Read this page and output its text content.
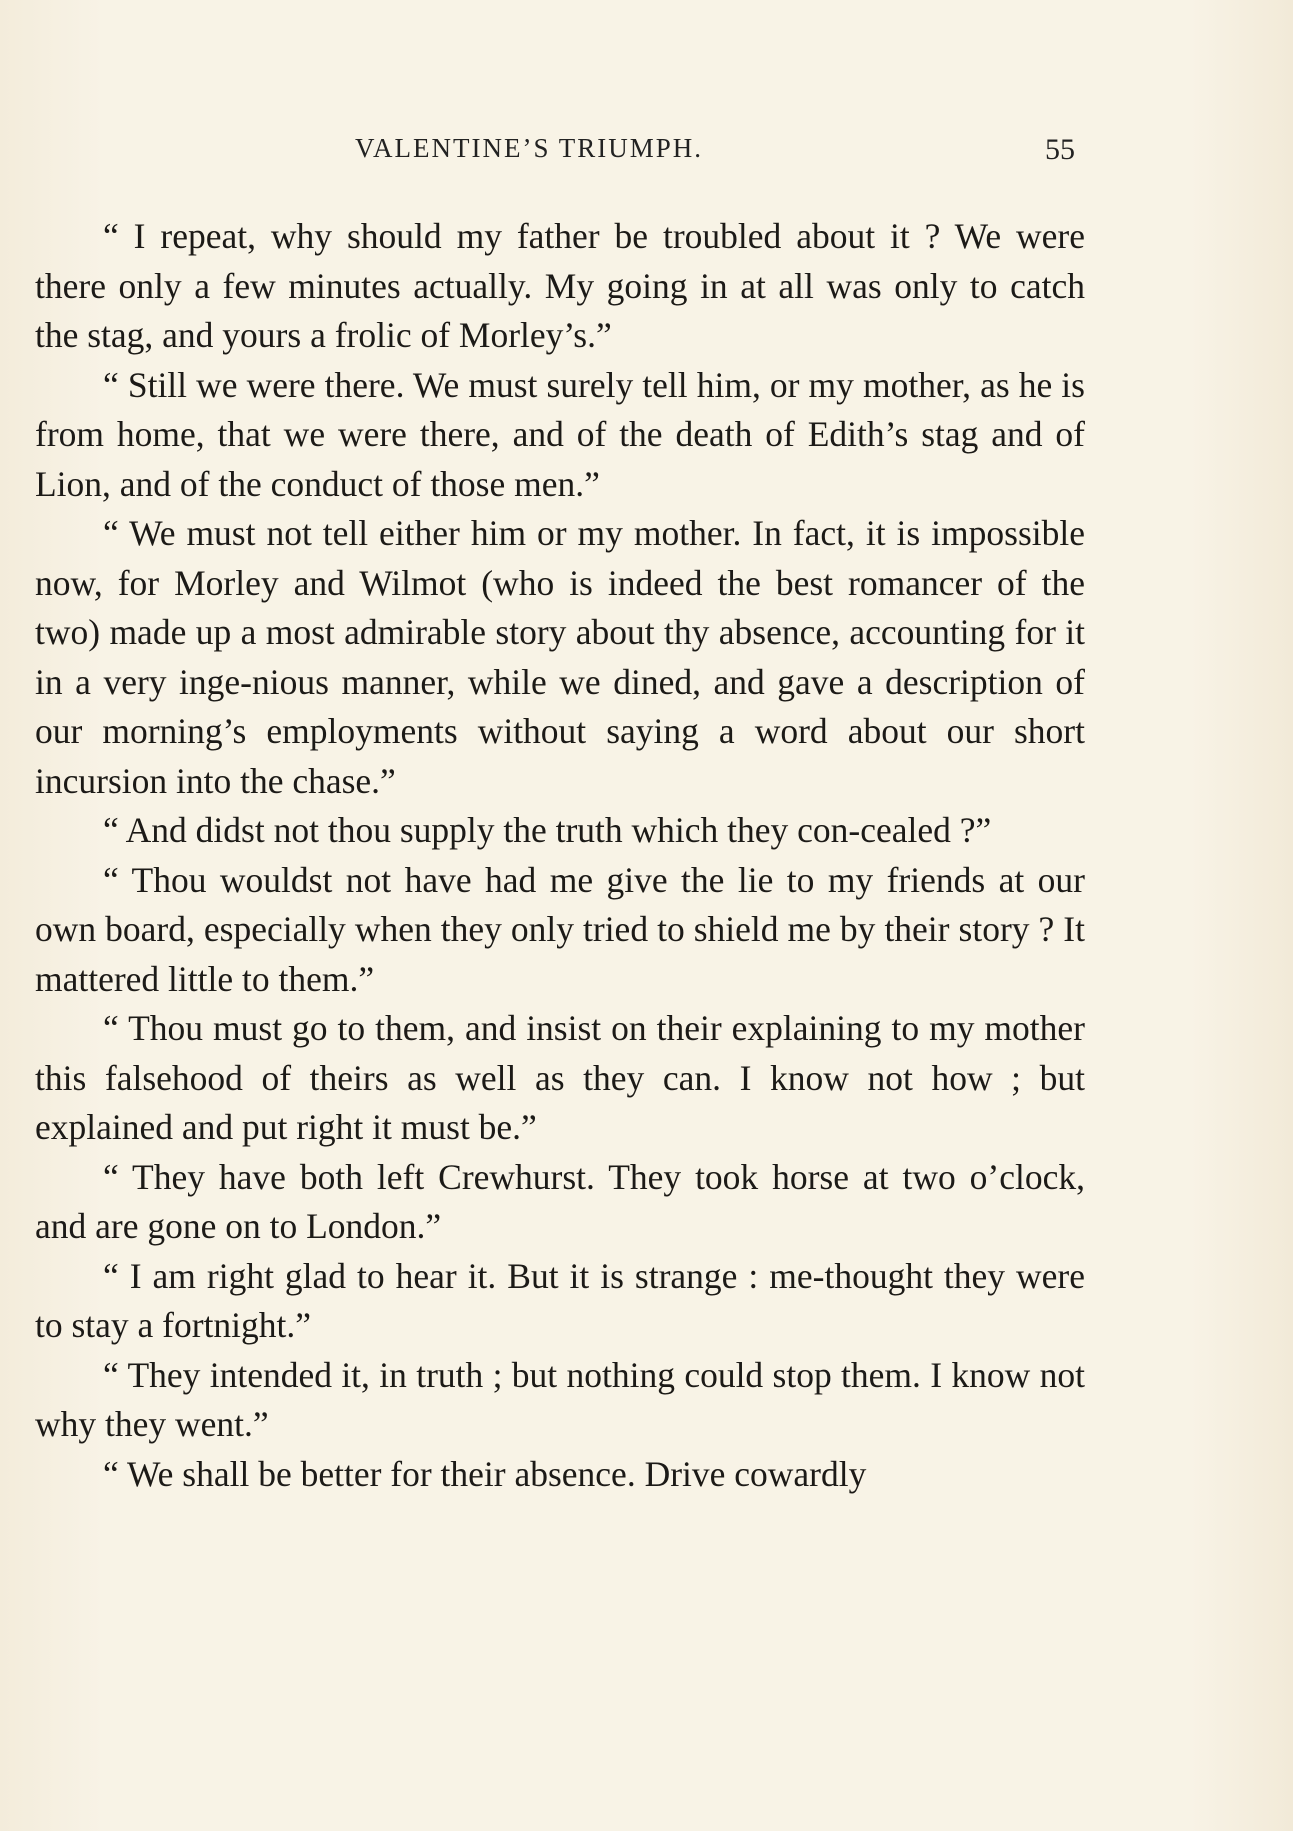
VALENTINE’S TRIUMPH.	55

“ I repeat, why should my father be troubled about it ? We were there only a few minutes actually. My going in at all was only to catch the stag, and yours a frolic of Morley’s.”

“ Still we were there. We must surely tell him, or my mother, as he is from home, that we were there, and of the death of Edith’s stag and of Lion, and of the conduct of those men.”

“ We must not tell either him or my mother. In fact, it is impossible now, for Morley and Wilmot (who is indeed the best romancer of the two) made up a most admirable story about thy absence, accounting for it in a very inge-nious manner, while we dined, and gave a description of our morning’s employments without saying a word about our short incursion into the chase.”

“ And didst not thou supply the truth which they con-cealed ?”

“ Thou wouldst not have had me give the lie to my friends at our own board, especially when they only tried to shield me by their story ? It mattered little to them.”

“ Thou must go to them, and insist on their explaining to my mother this falsehood of theirs as well as they can. I know not how ; but explained and put right it must be.”

“ They have both left Crewhurst. They took horse at two o’clock, and are gone on to London.”

“ I am right glad to hear it. But it is strange : me-thought they were to stay a fortnight.”

“ They intended it, in truth ; but nothing could stop them. I know not why they went.”

“ We shall be better for their absence. Drive cowardly
